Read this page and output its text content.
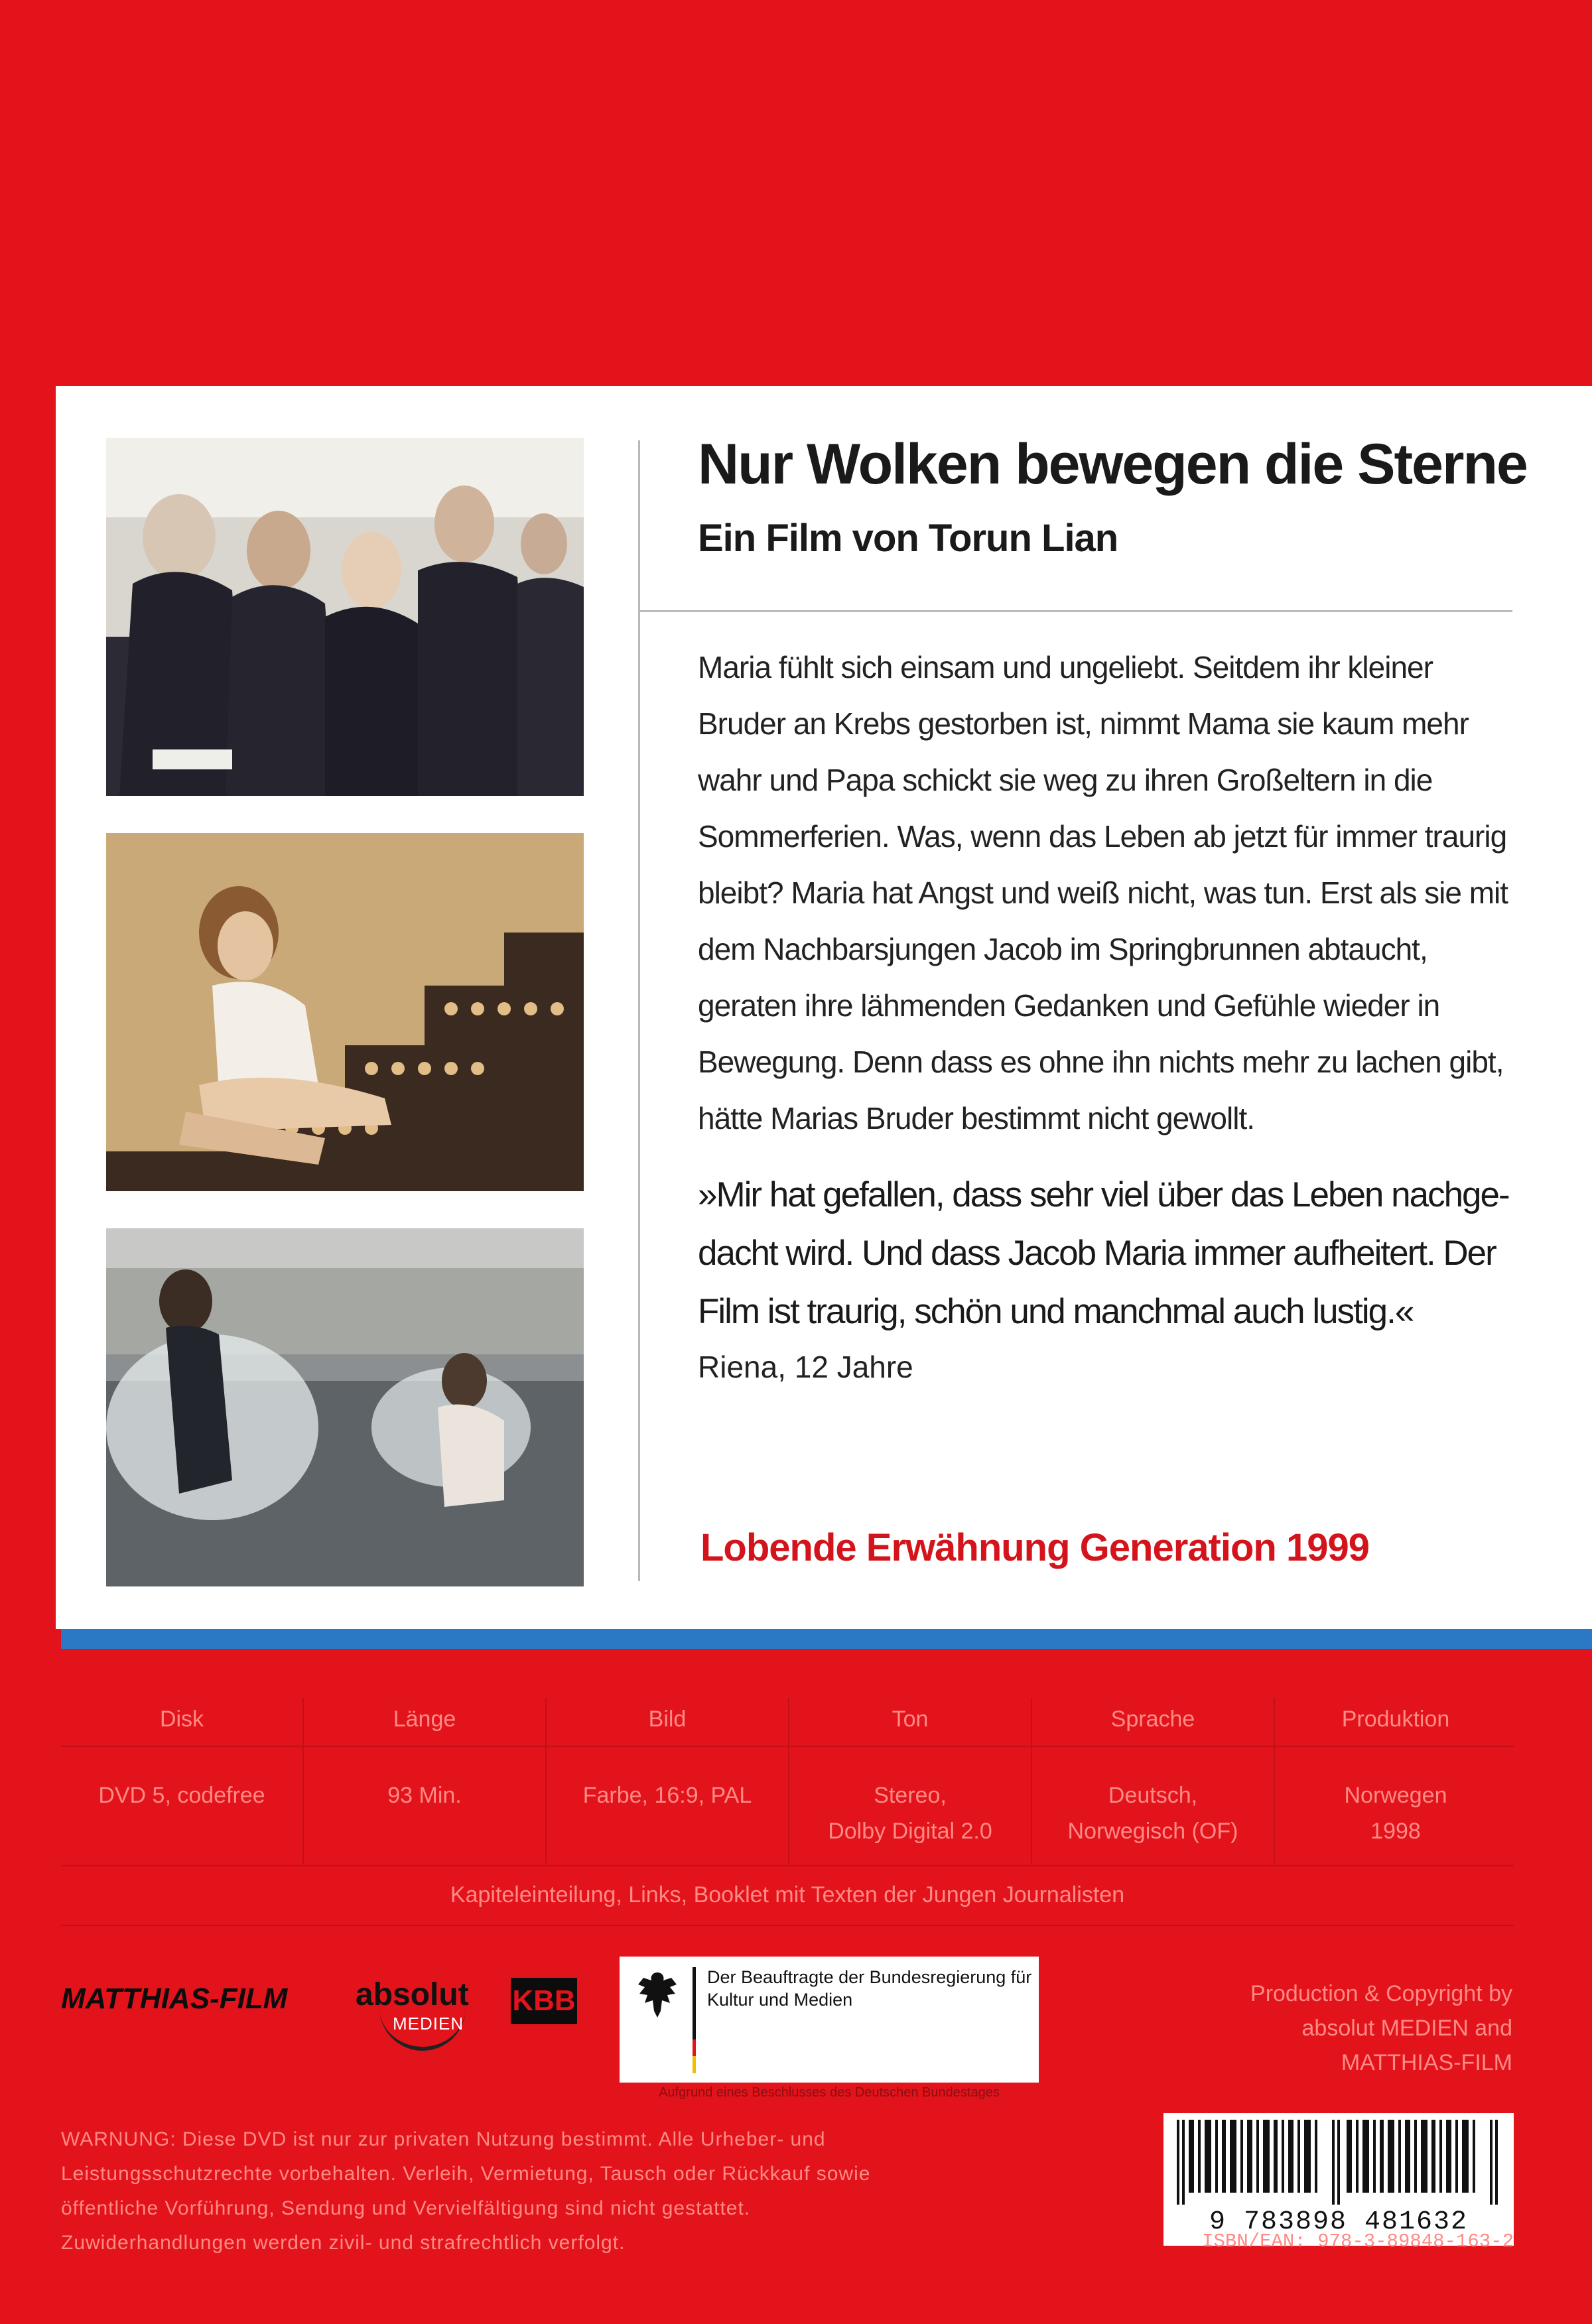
Nur Wolken bewegen die Sterne
Ein Film von Torun Lian
Maria fühlt sich einsam und ungeliebt. Seitdem ihr kleiner Bruder an Krebs gestorben ist, nimmt Mama sie kaum mehr wahr und Papa schickt sie weg zu ihren Großeltern in die Sommerferien. Was, wenn das Leben ab jetzt für immer traurig bleibt? Maria hat Angst und weiß nicht, was tun. Erst als sie mit dem Nachbarsjungen Jacob im Springbrunnen abtaucht, geraten ihre lähmenden Gedanken und Gefühle wieder in Bewegung. Denn dass es ohne ihn nichts mehr zu lachen gibt, hätte Marias Bruder bestimmt nicht gewollt.
»Mir hat gefallen, dass sehr viel über das Leben nachgedacht wird. Und dass Jacob Maria immer aufheitert. Der Film ist traurig, schön und manchmal auch lustig.«
Riena, 12 Jahre
Lobende Erwähnung Generation 1999
Disk
DVD 5, codefree
Länge
93 Min.
Bild
Farbe, 16:9, PAL
Ton
Stereo,
Dolby Digital 2.0
Sprache
Deutsch,
Norwegisch (OF)
Produktion
Norwegen
1998
Kapiteleinteilung, Links, Booklet mit Texten der Jungen Journalisten
MATTHIAS-FILM	absolut
MEDIEN
KBB
Der Beauftragte der Bundesregierung für Kultur und Medien
Aufgrund eines Beschlusses des Deutschen Bundestages
Production & Copyright by absolut MEDIEN and MATTHIAS-FILM
WARNUNG: Diese DVD ist nur zur privaten Nutzung bestimmt. Alle Urheber- und Leistungsschutzrechte vorbehalten. Verleih, Vermietung, Tausch oder Rückkauf sowie öffentliche Vorführung, Sendung und Vervielfältigung sind nicht gestattet. Zuwiderhandlungen werden zivil- und strafrechtlich verfolgt.
9 783898 481632
ISBN/EAN: 978-3-89848-163-2
